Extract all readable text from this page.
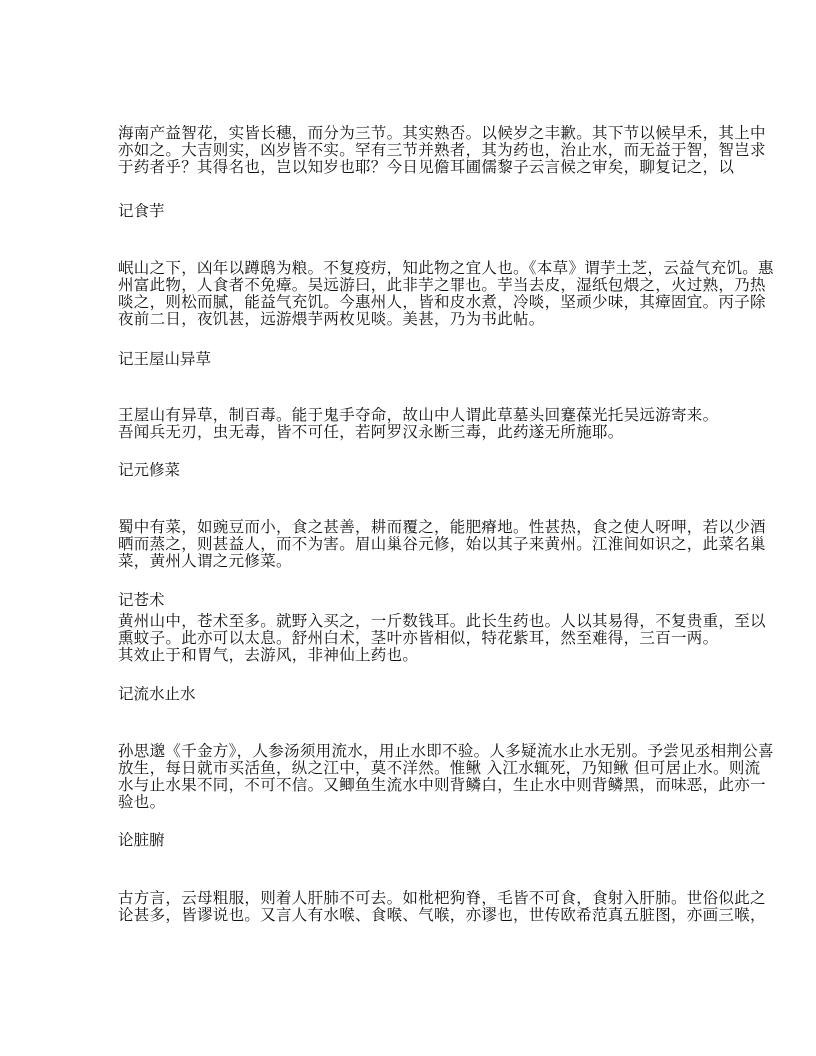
海南产益智花，实皆长穗，而分为三节。其实熟否。以候岁之丰歉。其下节以候早禾，其上中
亦如之。大吉则实，凶岁皆不实。罕有三节并熟者，其为药也，治止水，而无益于智，智岂求
于药者乎？其得名也，岂以知岁也耶？今日见儋耳圃儒黎子云言候之审矣，聊复记之，以
记食芋
岷山之下，凶年以蹲鸱为粮。不复疫疠，知此物之宜人也。《本草》谓芋土芝，云益气充饥。惠
州富此物，人食者不免瘴。吴远游曰，此非芋之罪也。芋当去皮，湿纸包煨之，火过熟，乃热
啖之，则松而腻，能益气充饥。今惠州人，皆和皮水煮，冷啖，坚顽少味，其瘴固宜。丙子除
夜前二日，夜饥甚，远游煨芋两枚见啖。美甚，乃为书此帖。
记王屋山异草
王屋山有异草，制百毒。能于鬼手夺命，故山中人谓此草墓头回蹇葆光托吴远游寄来。
吾闻兵无刃，虫无毒，皆不可任，若阿罗汉永断三毒，此药遂无所施耶。
记元修菜
蜀中有菜，如豌豆而小，食之甚善，耕而覆之，能肥瘠地。性甚热，食之使人呀呷，若以少酒
晒而蒸之，则甚益人，而不为害。眉山巢谷元修，始以其子来黄州。江淮间如识之，此菜名巢
菜，黄州人谓之元修菜。
记苍术
黄州山中，苍术至多。就野入买之，一斤数钱耳。此长生药也。人以其易得，不复贵重，至以
熏蚊子。此亦可以太息。舒州白术，茎叶亦皆相似，特花紫耳，然至难得，三百一两。
其效止于和胃气，去游风，非神仙上药也。
记流水止水
孙思邈《千金方》，人参汤须用流水，用止水即不验。人多疑流水止水无别。予尝见丞相荆公喜
放生，每日就市买活鱼，纵之江中，莫不洋然。惟鳅 入江水辄死，乃知鳅 但可居止水。则流
水与止水果不同，不可不信。又鲫鱼生流水中则背鳞白，生止水中则背鳞黑，而味恶，此亦一
验也。
论脏腑
古方言，云母粗服，则着人肝肺不可去。如枇杷狗脊，毛皆不可食，食射入肝肺。世俗似此之
论甚多，皆谬说也。又言人有水喉、食喉、气喉，亦谬也，世传欧希范真五脏图，亦画三喉，
